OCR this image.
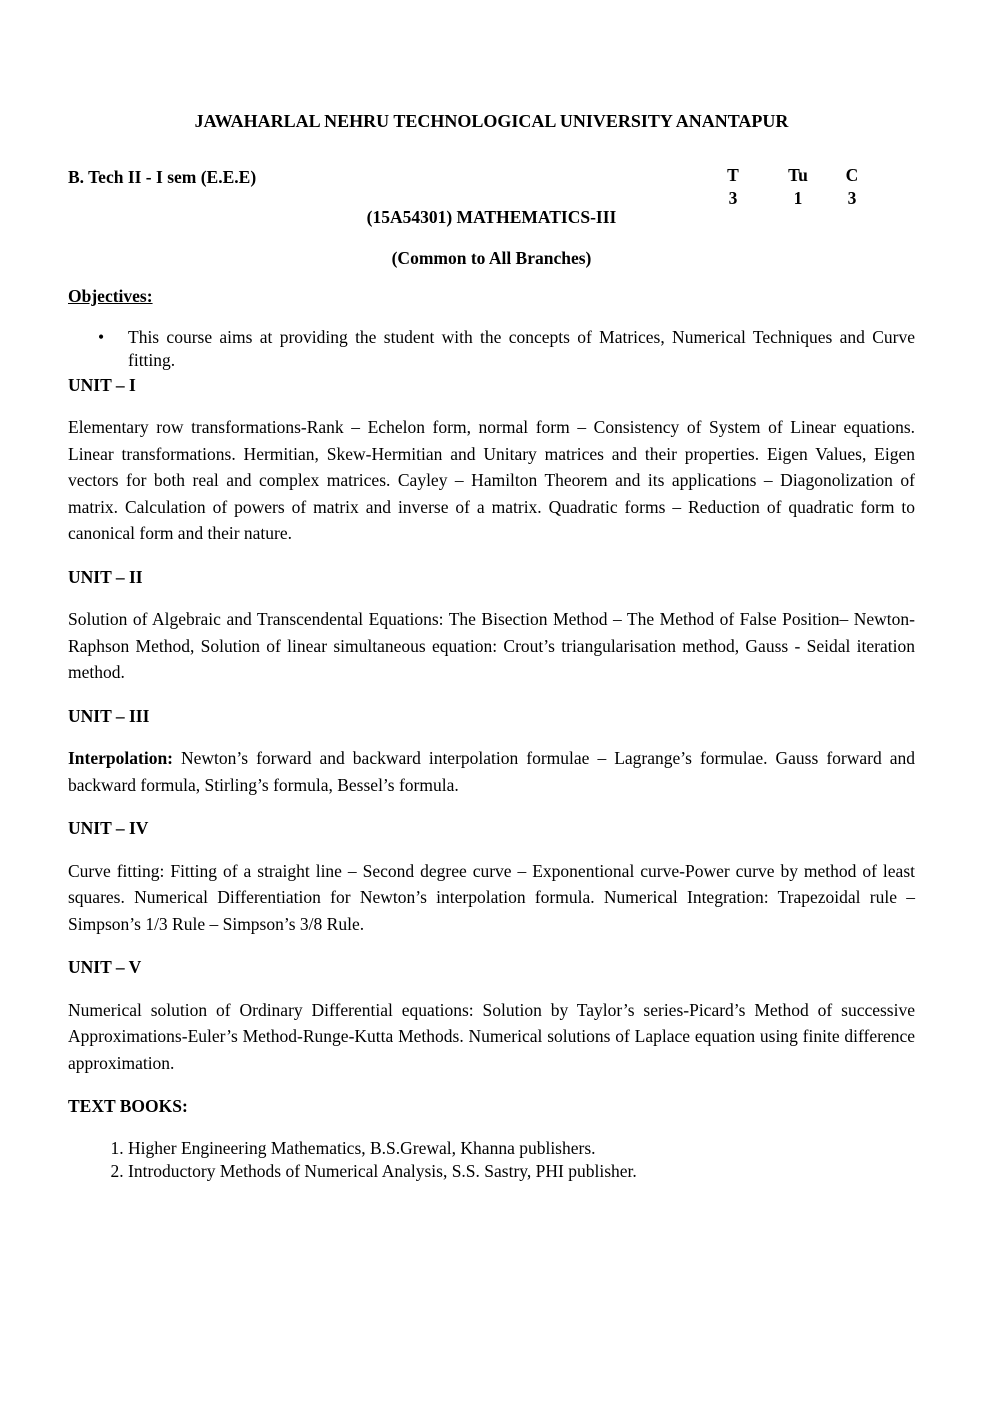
JAWAHARLAL NEHRU TECHNOLOGICAL UNIVERSITY ANANTAPUR
B. Tech II - I sem (E.E.E)	T
3
Tu
1
C
3
(15A54301) MATHEMATICS-III
(Common to All Branches)
Objectives:
• This course aims at providing the student with the concepts of Matrices, Numerical Techniques and Curve fitting.
UNIT – I

Elementary row transformations-Rank – Echelon form, normal form – Consistency of System of Linear equations. Linear transformations. Hermitian, Skew-Hermitian and Unitary matrices and their properties. Eigen Values, Eigen vectors for both real and complex matrices. Cayley – Hamilton Theorem and its applications – Diagonolization of matrix. Calculation of powers of matrix and inverse of a matrix. Quadratic forms – Reduction of quadratic form to canonical form and their nature.

UNIT – II

Solution of Algebraic and Transcendental Equations: The Bisection Method – The Method of False Position– Newton-Raphson Method, Solution of linear simultaneous equation: Crout’s triangularisation method, Gauss - Seidal iteration method.

UNIT – III

Interpolation: Newton’s forward and backward interpolation formulae – Lagrange’s formulae. Gauss forward and backward formula, Stirling’s formula, Bessel’s formula.

UNIT – IV

Curve fitting: Fitting of a straight line – Second degree curve – Exponentional curve-Power curve by method of least squares. Numerical Differentiation for Newton’s interpolation formula. Numerical Integration: Trapezoidal rule – Simpson’s 1/3 Rule – Simpson’s 3/8 Rule.

UNIT – V

Numerical solution of Ordinary Differential equations: Solution by Taylor’s series-Picard’s Method of successive Approximations-Euler’s Method-Runge-Kutta Methods. Numerical solutions of Laplace equation using finite difference approximation.

TEXT BOOKS:
1. Higher Engineering Mathematics, B.S.Grewal, Khanna publishers.
2. Introductory Methods of Numerical Analysis, S.S. Sastry, PHI publisher.
